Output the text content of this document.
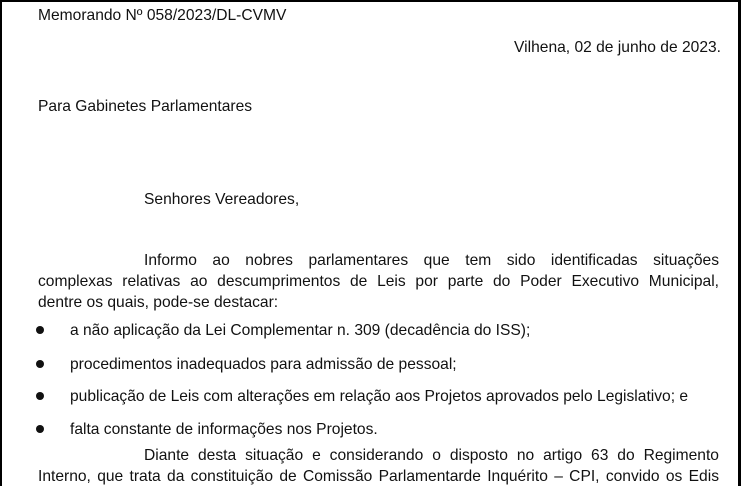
Memorando Nº 058/2023/DL-CVMV
Vilhena, 02 de junho de 2023.
Para Gabinetes Parlamentares
Senhores Vereadores,
Informo ao nobres parlamentares que tem sido identificadas situações
complexas relativas ao descumprimentos de Leis por parte do Poder Executivo Municipal,
dentre os quais, pode-se destacar:
a não aplicação da Lei Complementar n. 309 (decadência do ISS);
procedimentos inadequados para admissão de pessoal;
publicação de Leis com alterações em relação aos Projetos aprovados pelo Legislativo; e
falta constante de informações nos Projetos.
Diante desta situação e considerando o disposto no artigo 63 do Regimento
Interno, que trata da constituição de Comissão Parlamentarde Inquérito – CPI, convido os Edis
